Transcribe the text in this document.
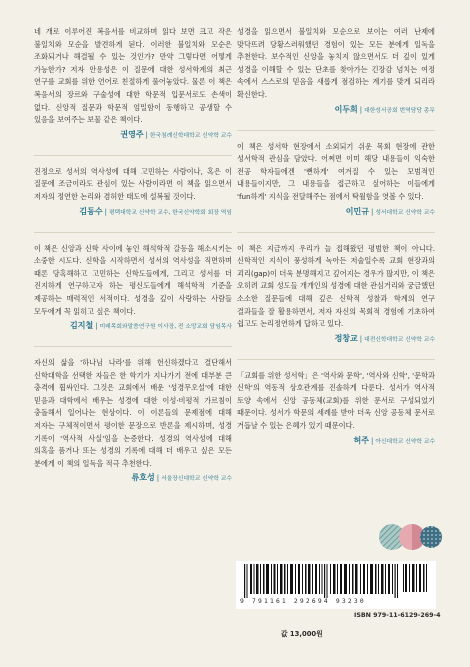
네 개로 이루어진 복음서를 비교하며 읽다 보면 크고 작은 불일치와 모순을 발견하게 된다. 이러한 불일치와 모순은 조화되거나 해결될 수 있는 것인가? 만약 그렇다면 어떻게 가능한가? 저자 안용성은 이 질문에 대한 성서학계의 최근 연구를 교회를 위한 언어로 친절하게 풀어놓았다. 물론 이 책은 복음서의 장르와 구술성에 대한 학문적 입문서로도 손색이 없다. 신앙적 질문과 학문적 엄밀함이 동행하고 공생할 수 있음을 보여주는 보물 같은 책이다.

권영주 | 한국침례신학대학교 신약학 교수

진정으로 성서의 역사성에 대해 고민하는 사람이나, 혹은 이 질문에 조금이라도 관심이 있는 사람이라면 이 책을 읽으면서 저자의 정연한 논리와 겸허한 태도에 설복될 것이다.

김동수 | 평택대학교 신약학 교수, 한국신약학회 회장 역임

이 책은 신앙과 신학 사이에 놓인 해석학적 갈등을 해소시키는 소중한 시도다. 신학을 시작하면서 성서의 역사성을 직면하며 때론 당혹해하고 고민하는 신학도들에게, 그리고 성서를 더 진지하게 연구하고자 하는 평신도들에게 해석학적 기준을 제공하는 매력적인 서적이다. 성경을 깊이 사랑하는 사람들 모두에게 꼭 읽히고 싶은 책이다.

김지철 | 미래목회와말씀연구원 이사장, 전 소망교회 담임목사

자신의 삶을 '하나님 나라'를 위해 헌신하겠다고 결단해서 신학대학을 선택한 자들은 한 학기가 지나가기 전에 대부분 큰 충격에 휩싸인다. 그것은 교회에서 배운 '성경무오설'에 대한 믿음과 대학에서 배우는 성경에 대한 이성·비평적 가르침이 충돌해서 일어나는 현상이다. 이 이론들의 문제점에 대해 저자는 구체적이면서 평이한 문장으로 반론을 제시하며, 성경 기록이 '역사적 사실'임을 논증한다. 성경의 역사성에 대해 의혹을 품거나 또는 성경의 기록에 대해 더 배우고 싶은 모든 분에게 이 책의 일독을 적극 추천한다.

류호성 | 서울장신대학교 신약학 교수

성경을 읽으면서 불일치와 모순으로 보이는 여러 난제에 맞닥뜨려 당황스러워했던 경험이 있는 모든 분에게 일독을 추천한다. 보수적인 신앙을 놓치지 않으면서도 더 깊이 있게 성경을 이해할 수 있는 단초를 찾아가는 긴장감 넘치는 여정 속에서 스스로의 믿음을 새롭게 점검하는 계기를 맞게 되리라 확신한다.

이두희 | 대한성서공회 번역담당 총무

이 책은 성서학 현장에서 소외되기 쉬운 목회 현장에 관한 성서학적 관심을 담았다. 어쩌면 이미 해당 내용들이 익숙한 전공 학자들에겐 '뻔하게' 여겨질 수 있는 모범적인 내용들이지만, 그 내용들을 접근하고 싶어하는 이들에게 'fun하게' 지식을 전달해주는 점에서 탁월함을 엿볼 수 있다.

이민규 | 성서대학교 신약학 교수

이 책은 지금까지 우리가 늘 접해왔던 평범한 책이 아니다. 신학적인 지식이 풍성하게 녹아든 저술일수록 교회 현장과의 괴리(gap)이 더욱 분명해지고 깊어지는 경우가 많지만, 이 책은 오히려 교회 성도들 개개인의 성경에 대한 관심거리와 궁금했던 소소한 질문들에 대해 깊은 신학적 성찰과 학계의 연구 결과들을 잘 활용하면서, 저자 자신의 목회적 경험에 기초하여 쉽고도 논리정연하게 답하고 있다.

정창교 | 대전신학대학교 신약학 교수

「교회를 위한 성서학」은 '역사와 문학', '역사와 신학', '문학과 신학'의 역동적 상호관계를 진솔하게 다룬다. 성서가 역사적 토양 속에서 신앙 공동체(교회)를 위한 문서로 구성되었기 때문이다. 성서가 학문의 세례를 받아 더욱 신앙 공동체 문서로 거듭날 수 있는 은혜가 있기 때문이다.

허주 | 아신대학교 신약학 교수
9 791161 292694 93230
ISBN 979-11-6129-269-4
값 13,000원
